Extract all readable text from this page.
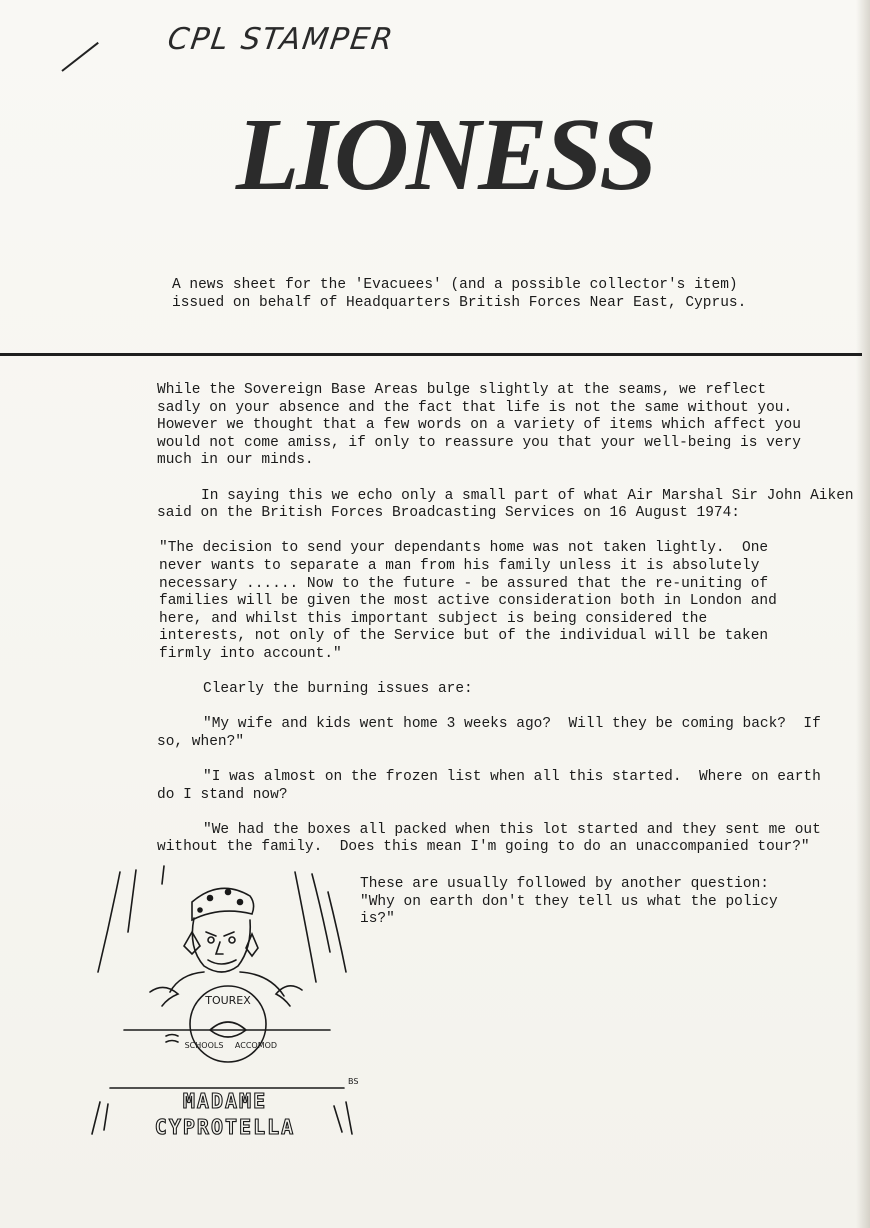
CPL STAMPER
LIONESS
A news sheet for the 'Evacuees' (and a possible collector's item)
issued on behalf of Headquarters British Forces Near East, Cyprus.
While the Sovereign Base Areas bulge slightly at the seams, we reflect
sadly on your absence and the fact that life is not the same without you.
However we thought that a few words on a variety of items which affect you
would not come amiss, if only to reassure you that your well-being is very
much in our minds.
In saying this we echo only a small part of what Air Marshal Sir John Aiken
said on the British Forces Broadcasting Services on 16 August 1974:
"The decision to send your dependants home was not taken lightly.  One
never wants to separate a man from his family unless it is absolutely
necessary ...... Now to the future - be assured that the re-uniting of
families will be given the most active consideration both in London and
here, and whilst this important subject is being considered the
interests, not only of the Service but of the individual will be taken
firmly into account."
Clearly the burning issues are:
"My wife and kids went home 3 weeks ago?  Will they be coming back?  If
so, when?"
"I was almost on the frozen list when all this started.  Where on earth
do I stand now?
"We had the boxes all packed when this lot started and they sent me out
without the family.  Does this mean I'm going to do an unaccompanied tour?"
These are usually followed by another question:
"Why on earth don't they tell us what the policy
is?"
TOUREX
SCHOOLS ACCOMOD
BS
MADAME
CYPROTELLA
